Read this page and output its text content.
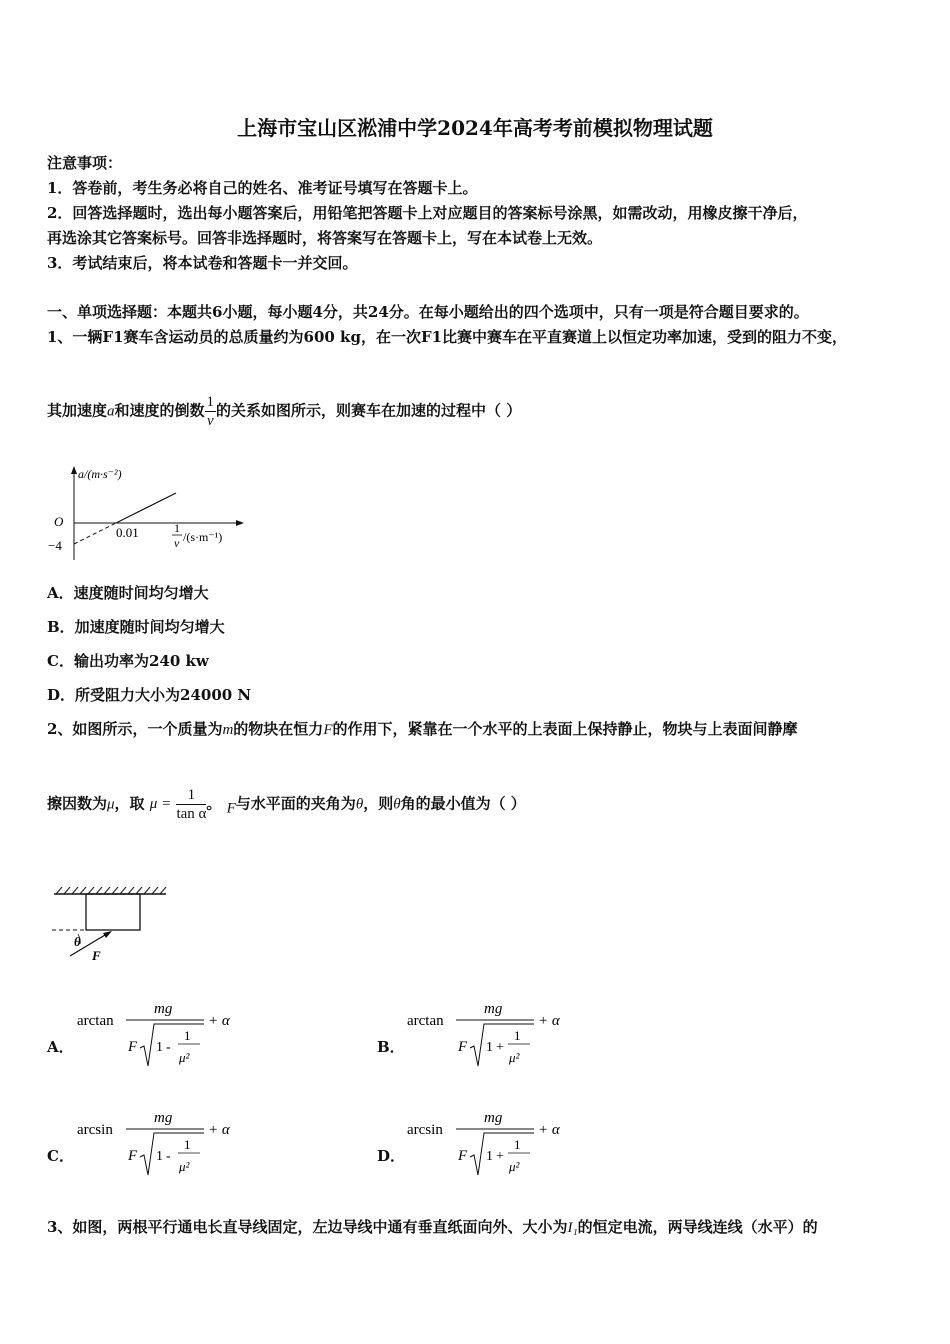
上海市宝山区淞浦中学2024年高考考前模拟物理试题
注意事项：
1．答卷前，考生务必将自己的姓名、准考证号填写在答题卡上。
2．回答选择题时，选出每小题答案后，用铅笔把答题卡上对应题目的答案标号涂黑，如需改动，用橡皮擦干净后，
再选涂其它答案标号。回答非选择题时，将答案写在答题卡上，写在本试卷上无效。
3．考试结束后，将本试卷和答题卡一并交回。
一、单项选择题：本题共6小题，每小题4分，共24分。在每小题给出的四个选项中，只有一项是符合题目要求的。
1、一辆F1赛车含运动员的总质量约为600 kg，在一次F1比赛中赛车在平直赛道上以恒定功率加速，受到的阻力不变，
其加速度a和速度的倒数 $\frac{1}{v}$ 的关系如图所示，则赛车在加速的过程中（ ）
a/(m·s⁻²)
O
−4
0.01	1
v /(s·m⁻¹)
A．速度随时间均匀增大
B．加速度随时间均匀增大
C．输出功率为240 kw
D．所受阻力大小为24000 N
2、如图所示，一个质量为m的物块在恒力F的作用下，紧靠在一个水平的上表面上保持静止，物块与上表面间静摩
擦因数为μ，取 $\mu = \frac{1}{\text{tan α}}$ 。 F与水平面的夹角为θ，则θ角的最小值为（ ）
θ
F
A．
arctan
mg
F 1 -
1
μ²
+ α
B．
arctan
mg
F 1 +
1
μ²
+ α
C．
arcsin
mg
F 1 -
1
μ²
+ α
D．
arcsin
mg
F 1 +
1
μ²
+ α
3、如图，两根平行通电长直导线固定，左边导线中通有垂直纸面向外、大小为I₁的恒定电流，两导线连线（水平）的
